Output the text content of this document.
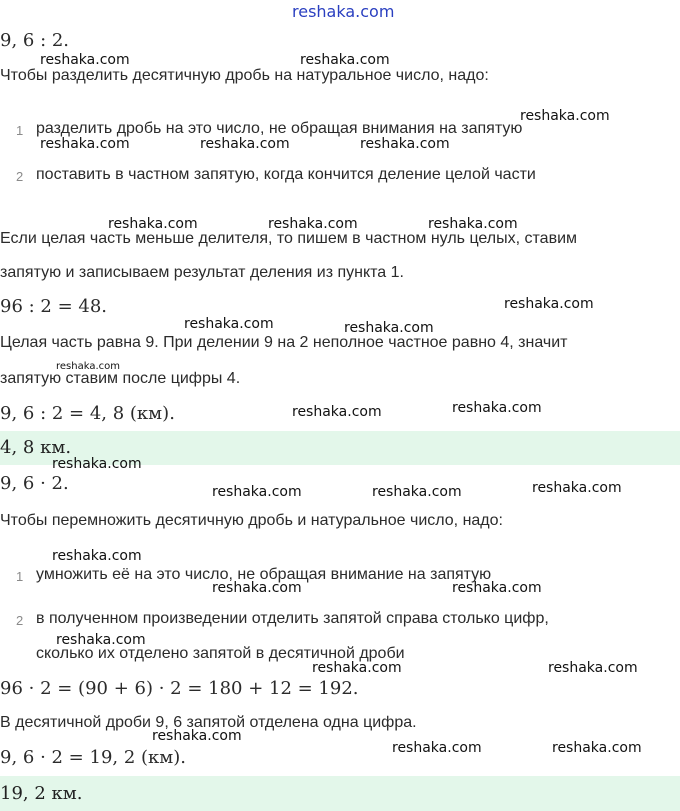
reshaka.com
9, 6 : 2.
Чтобы разделить десятичную дробь на натуральное число, надо:
1 разделить дробь на это число, не обращая внимания на запятую
2 поставить в частном запятую, когда кончится деление целой части
Если целая часть меньше делителя, то пишем в частном нуль целых, ставим
запятую и записываем результат деления из пункта 1.
96 : 2 = 48.
Целая часть равна 9. При делении 9 на 2 неполное частное равно 4, значит
запятую ставим после цифры 4.
9, 6 : 2 = 4, 8 (км).
4, 8 км.
9, 6 · 2.
Чтобы перемножить десятичную дробь и натуральное число, надо:
1 умножить её на это число, не обращая внимание на запятую
2 в полученном произведении отделить запятой справа столько цифр,
сколько их отделено запятой в десятичной дроби
96 · 2 = (90 + 6) · 2 = 180 + 12 = 192.
В десятичной дроби 9, 6 запятой отделена одна цифра.
9, 6 · 2 = 19, 2 (км).
19, 2 км.
reshaka.com	reshaka.com
reshaka.com
reshaka.com	reshaka.com	reshaka.com
reshaka.com	reshaka.com	reshaka.com
reshaka.com
reshaka.com	reshaka.com
reshaka.com
reshaka.com	reshaka.com
reshaka.com
reshaka.com	reshaka.com	reshaka.com
reshaka.com
reshaka.com	reshaka.com
reshaka.com
reshaka.com	reshaka.com
reshaka.com
reshaka.com	reshaka.com
